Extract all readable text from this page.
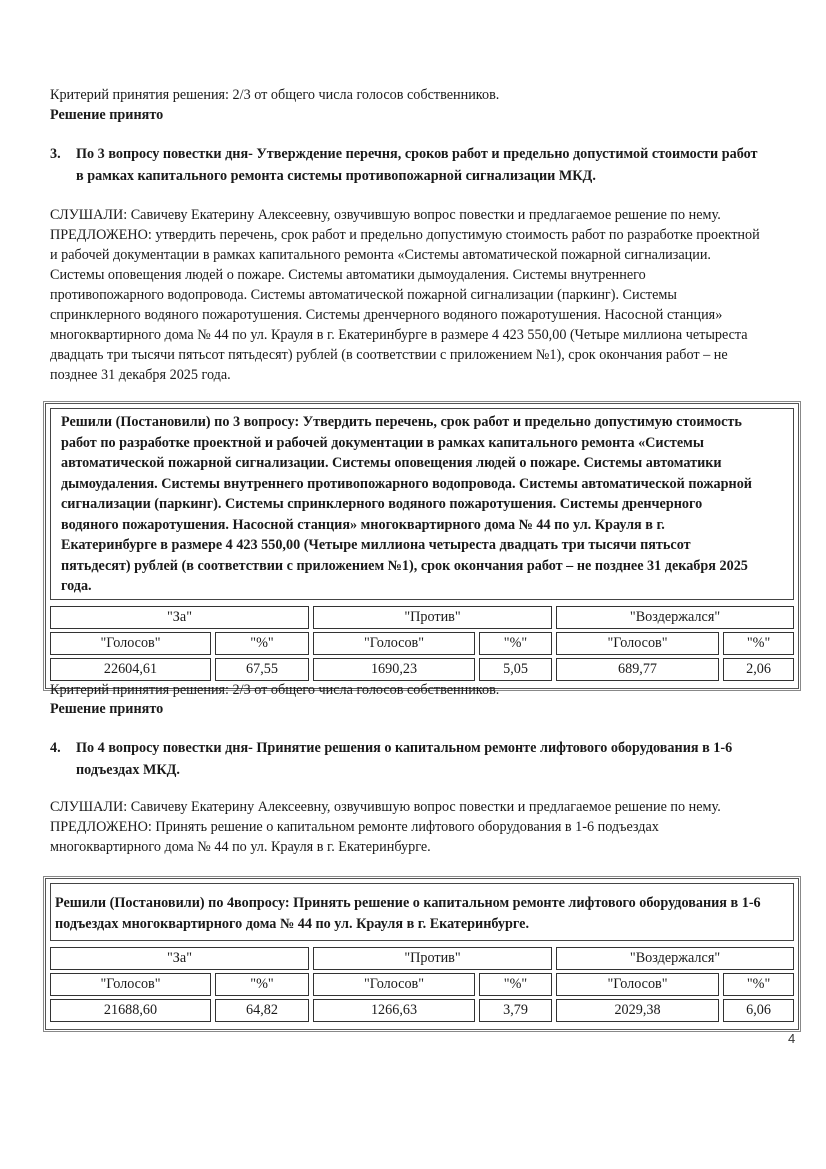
Критерий принятия решения: 2/3 от общего числа голосов собственников.
Решение принято
3.	По 3 вопросу повестки дня- Утверждение перечня, сроков работ и предельно допустимой стоимости работ
в рамках капитального ремонта системы противопожарной сигнализации МКД.
СЛУШАЛИ: Савичеву Екатерину Алексеевну, озвучившую вопрос повестки и предлагаемое решение по нему.
ПРЕДЛОЖЕНО: утвердить перечень, срок работ и предельно допустимую стоимость работ по разработке проектной
и рабочей документации в рамках капитального ремонта «Системы автоматической пожарной сигнализации.
Системы оповещения людей о пожаре. Системы автоматики дымоудаления. Системы внутреннего
противопожарного водопровода. Системы автоматической пожарной сигнализации (паркинг). Системы
спринклерного водяного пожаротушения. Системы дренчерного водяного пожаротушения. Насосной станция»
многоквартирного дома № 44 по ул. Крауля в г. Екатеринбурге в размере 4 423 550,00 (Четыре миллиона четыреста
двадцать три тысячи пятьсот пятьдесят) рублей (в соответствии с приложением №1), срок окончания работ – не
позднее 31 декабря 2025 года.
Решили (Постановили) по 3 вопросу: Утвердить перечень, срок работ и предельно допустимую стоимость
работ по разработке проектной и рабочей документации в рамках капитального ремонта «Системы
автоматической пожарной сигнализации. Системы оповещения людей о пожаре. Системы автоматики
дымоудаления. Системы внутреннего противопожарного водопровода. Системы автоматической пожарной
сигнализации (паркинг). Системы спринклерного водяного пожаротушения. Системы дренчерного
водяного пожаротушения. Насосной станция» многоквартирного дома № 44 по ул. Крауля в г.
Екатеринбурге в размере 4 423 550,00 (Четыре миллиона четыреста двадцать три тысячи пятьсот
пятьдесят) рублей (в соответствии с приложением №1), срок окончания работ – не позднее 31 декабря 2025
года.
"За"				"Против"				"Воздержался"		
"Голосов"		"%"		"Голосов"		"%"		"Голосов"		"%"
22604,61		67,55		1690,23		5,05		689,77		2,06
Критерий принятия решения: 2/3 от общего числа голосов собственников.
Решение принято
4.	По 4 вопросу повестки дня- Принятие решения о капитальном ремонте лифтового оборудования в 1-6
подъездах МКД.
СЛУШАЛИ: Савичеву Екатерину Алексеевну, озвучившую вопрос повестки и предлагаемое решение по нему.
ПРЕДЛОЖЕНО: Принять решение о капитальном ремонте лифтового оборудования в 1-6 подъездах
многоквартирного дома № 44 по ул. Крауля в г. Екатеринбурге.
Решили (Постановили) по 4вопросу: Принять решение о капитальном ремонте лифтового оборудования в 1-6
подъездах многоквартирного дома № 44 по ул. Крауля в г. Екатеринбурге.
"За"				"Против"				"Воздержался"		
"Голосов"		"%"		"Голосов"		"%"		"Голосов"		"%"
21688,60		64,82		1266,63		3,79		2029,38		6,06
4
